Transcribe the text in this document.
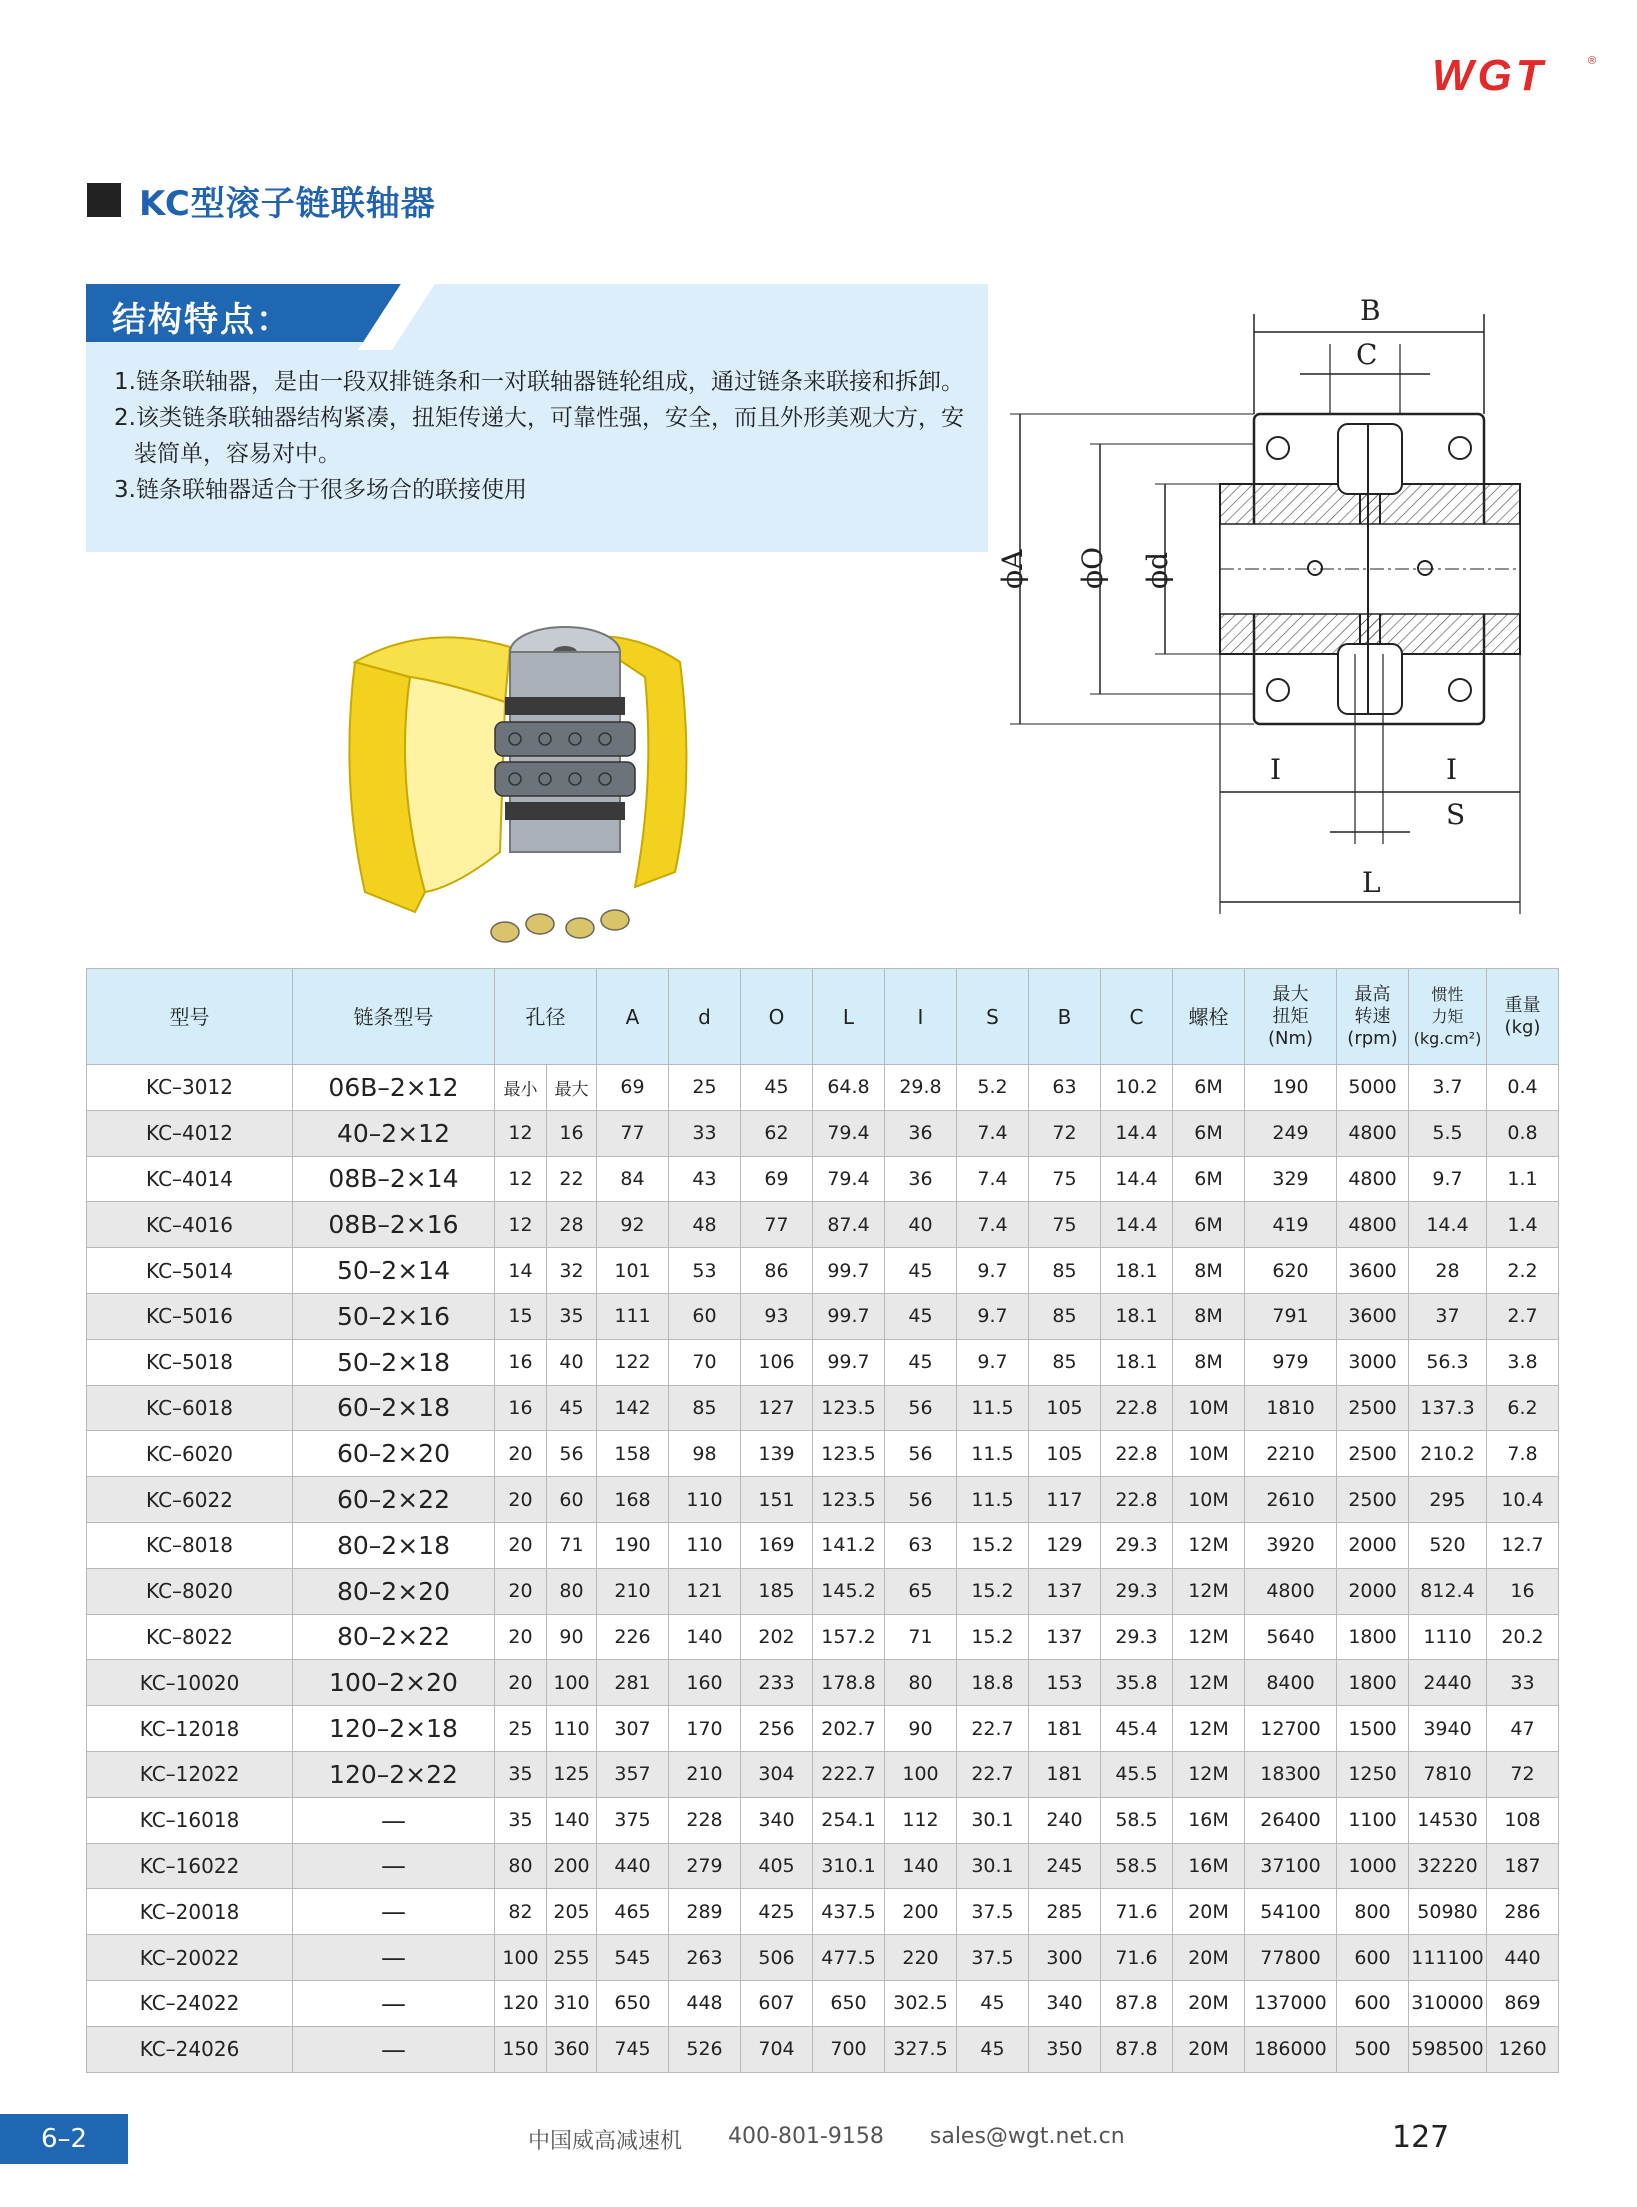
WGT	®
KC型滚子链联轴器
结构特点：
1.链条联轴器，是由一段双排链条和一对联轴器链轮组成，通过链条来联接和拆卸。
2.该类链条联轴器结构紧凑，扭矩传递大，可靠性强，安全，而且外形美观大方，安装简单，容易对中。
3.链条联轴器适合于很多场合的联接使用
B
C
ϕA ϕO ϕd
I	I
S
L
型号	链条型号	孔径		A	d	O	L	I	S	B	C	螺栓	最大
扭矩
(Nm)	最高
转速
(rpm)	惯性
力矩
(kg.cm²)	重量
(kg)
KC–3012	06B–2×12	最小	最大	69	25	45	64.8	29.8	5.2	63	10.2	6M	190	5000	3.7	0.4
KC–4012	40–2×12	12	16	77	33	62	79.4	36	7.4	72	14.4	6M	249	4800	5.5	0.8
KC–4014	08B–2×14	12	22	84	43	69	79.4	36	7.4	75	14.4	6M	329	4800	9.7	1.1
KC–4016	08B–2×16	12	28	92	48	77	87.4	40	7.4	75	14.4	6M	419	4800	14.4	1.4
KC–5014	50–2×14	14	32	101	53	86	99.7	45	9.7	85	18.1	8M	620	3600	28	2.2
KC–5016	50–2×16	15	35	111	60	93	99.7	45	9.7	85	18.1	8M	791	3600	37	2.7
KC–5018	50–2×18	16	40	122	70	106	99.7	45	9.7	85	18.1	8M	979	3000	56.3	3.8
KC–6018	60–2×18	16	45	142	85	127	123.5	56	11.5	105	22.8	10M	1810	2500	137.3	6.2
KC–6020	60–2×20	20	56	158	98	139	123.5	56	11.5	105	22.8	10M	2210	2500	210.2	7.8
KC–6022	60–2×22	20	60	168	110	151	123.5	56	11.5	117	22.8	10M	2610	2500	295	10.4
KC–8018	80–2×18	20	71	190	110	169	141.2	63	15.2	129	29.3	12M	3920	2000	520	12.7
KC–8020	80–2×20	20	80	210	121	185	145.2	65	15.2	137	29.3	12M	4800	2000	812.4	16
KC–8022	80–2×22	20	90	226	140	202	157.2	71	15.2	137	29.3	12M	5640	1800	1110	20.2
KC–10020	100–2×20	20	100	281	160	233	178.8	80	18.8	153	35.8	12M	8400	1800	2440	33
KC–12018	120–2×18	25	110	307	170	256	202.7	90	22.7	181	45.4	12M	12700	1500	3940	47
KC–12022	120–2×22	35	125	357	210	304	222.7	100	22.7	181	45.5	12M	18300	1250	7810	72
KC–16018	—	35	140	375	228	340	254.1	112	30.1	240	58.5	16M	26400	1100	14530	108
KC–16022	—	80	200	440	279	405	310.1	140	30.1	245	58.5	16M	37100	1000	32220	187
KC–20018	—	82	205	465	289	425	437.5	200	37.5	285	71.6	20M	54100	800	50980	286
KC–20022	—	100	255	545	263	506	477.5	220	37.5	300	71.6	20M	77800	600	111100	440
KC–24022	—	120	310	650	448	607	650	302.5	45	340	87.8	20M	137000	600	310000	869
KC–24026	—	150	360	745	526	704	700	327.5	45	350	87.8	20M	186000	500	598500	1260
6–2	中国威高减速机 400-801-9158 sales@wgt.net.cn	127
